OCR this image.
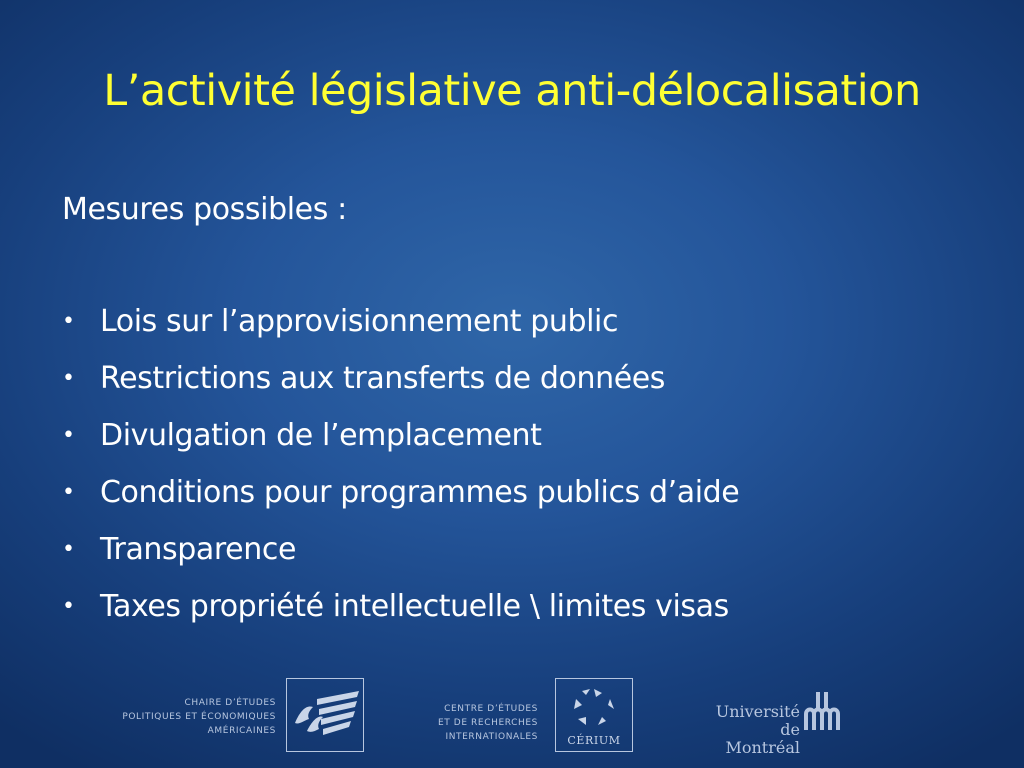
L’activité législative anti-délocalisation
Mesures possibles :
• Lois sur l’approvisionnement public
• Restrictions aux transferts de données
• Divulgation de l’emplacement
• Conditions pour programmes publics d’aide
• Transparence
• Taxes propriété intellectuelle \ limites visas
CHAIRE D’ÉTUDES
POLITIQUES ET ÉCONOMIQUES
AMÉRICAINES
CENTRE D’ÉTUDES
ET DE RECHERCHES
INTERNATIONALES	CÉRIUM
Université
de Montréal
